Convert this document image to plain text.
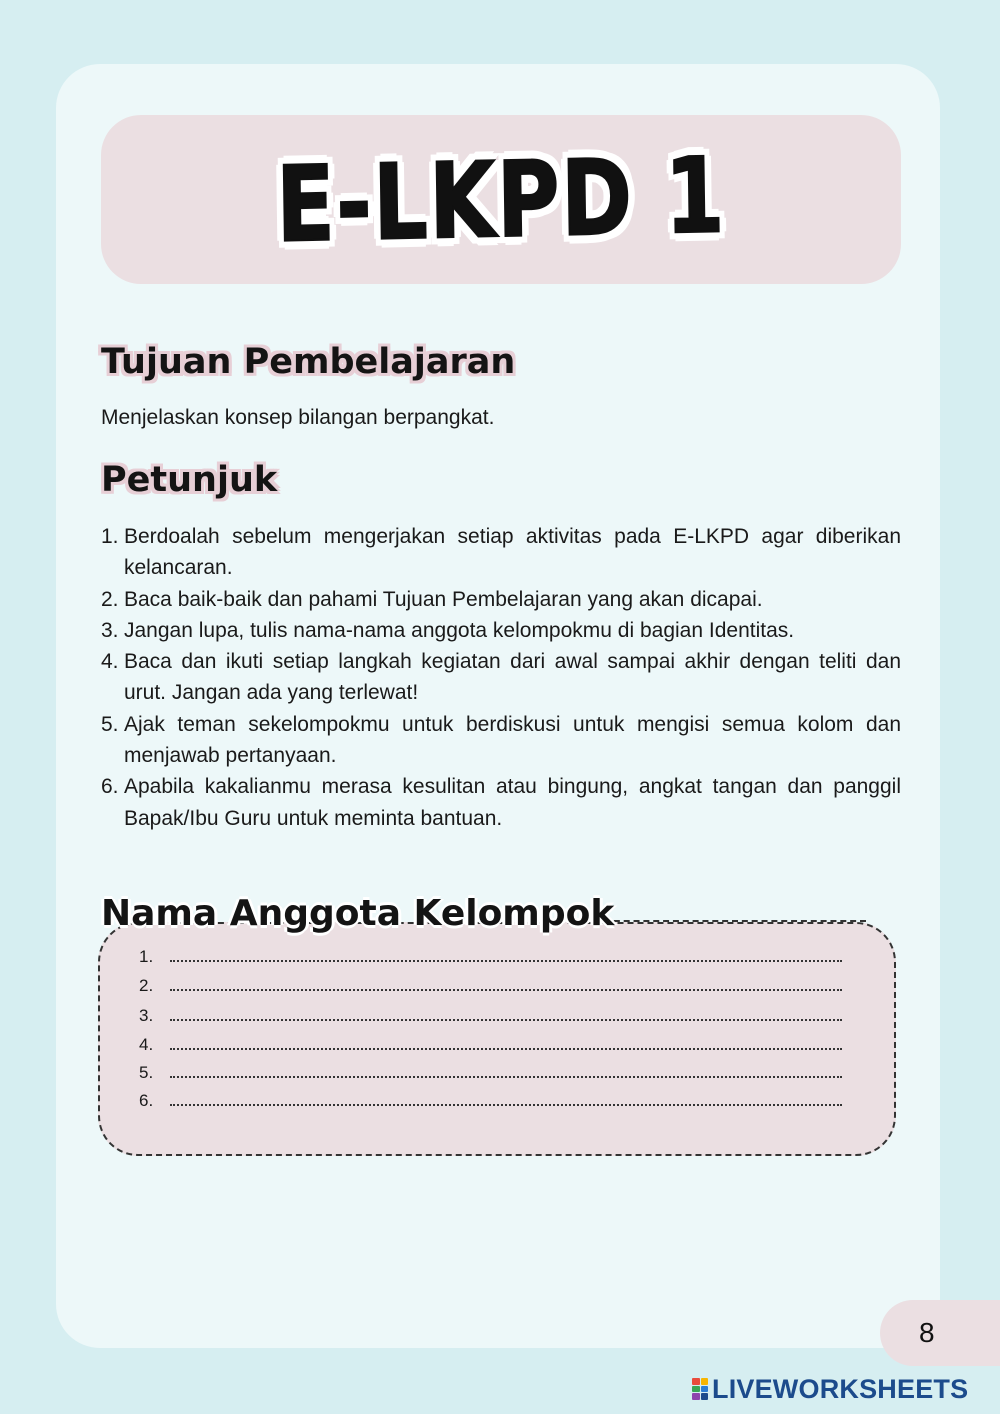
E-LKPD 1
Tujuan Pembelajaran
Menjelaskan konsep bilangan berpangkat.
Petunjuk
1. Berdoalah sebelum mengerjakan setiap aktivitas pada E-LKPD agar diberikan kelancaran.
2. Baca baik-baik dan pahami Tujuan Pembelajaran yang akan dicapai.
3. Jangan lupa, tulis nama-nama anggota kelompokmu di bagian Identitas.
4. Baca dan ikuti setiap langkah kegiatan dari awal sampai akhir dengan teliti dan urut. Jangan ada yang terlewat!
5. Ajak teman sekelompokmu untuk berdiskusi untuk mengisi semua kolom dan menjawab pertanyaan.
6. Apabila kakalianmu merasa kesulitan atau bingung, angkat tangan dan panggil Bapak/Ibu Guru untuk meminta bantuan.
Nama Anggota Kelompok
1.
2.
3.
4.
5.
6.
8
LIVEWORKSHEETS
